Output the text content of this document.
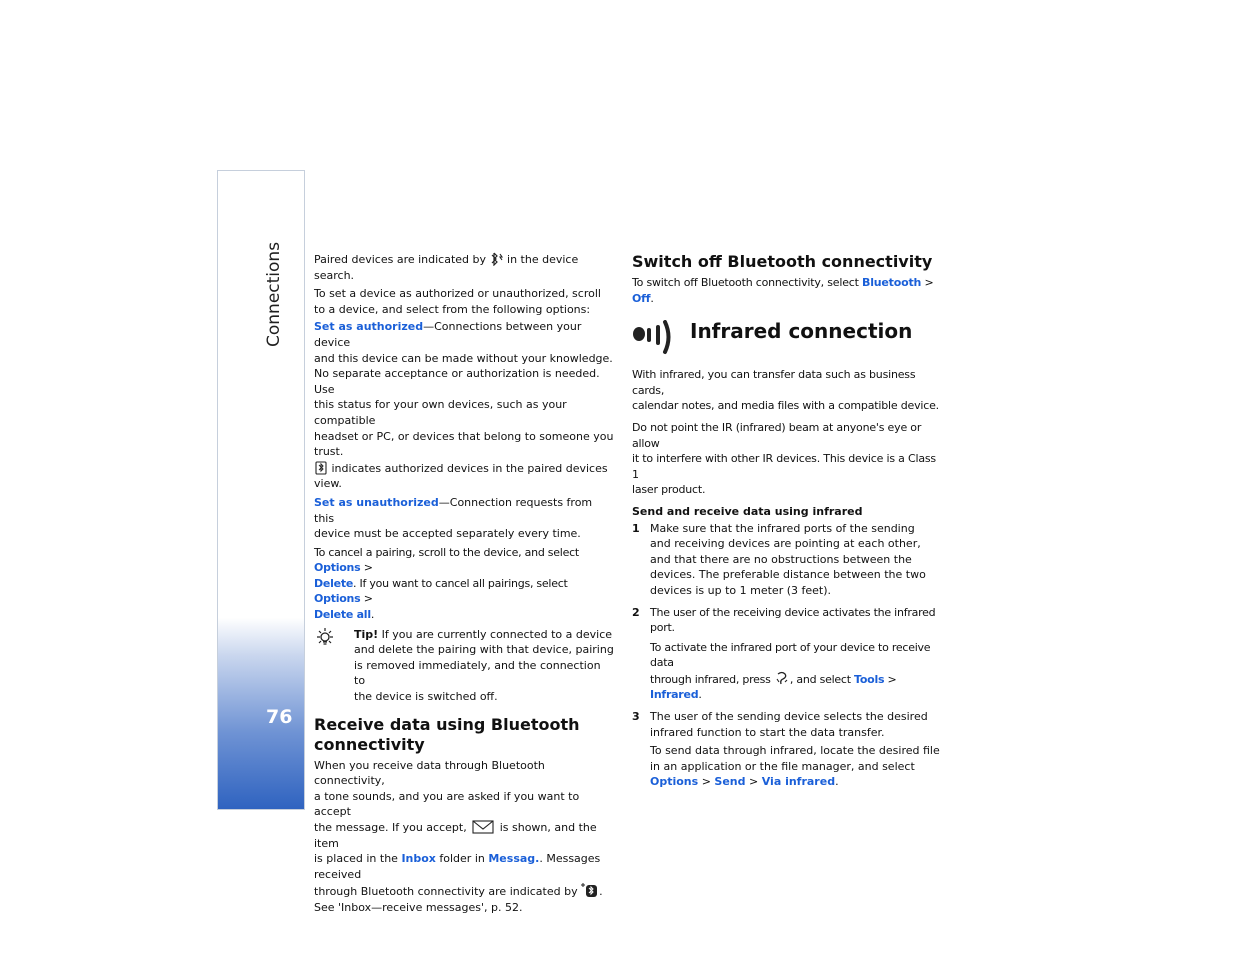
Connections
76

Paired devices are indicated by in the device search.

To set a device as authorized or unauthorized, scroll
to a device, and select from the following options:

Set as authorized—Connections between your device
and this device can be made without your knowledge.
No separate acceptance or authorization is needed. Use
this status for your own devices, such as your compatible
headset or PC, or devices that belong to someone you trust.
indicates authorized devices in the paired devices view.

Set as unauthorized—Connection requests from this
device must be accepted separately every time.

To cancel a pairing, scroll to the device, and select Options >
Delete. If you want to cancel all pairings, select Options >
Delete all.

Tip! If you are currently connected to a device
and delete the pairing with that device, pairing
is removed immediately, and the connection to
the device is switched off.

Receive data using Bluetooth
connectivity

When you receive data through Bluetooth connectivity,
a tone sounds, and you are asked if you want to accept
the message. If you accept,	is shown, and the item
is placed in the Inbox folder in Messag.. Messages received
through Bluetooth connectivity are indicated by .
See 'Inbox—receive messages', p. 52.

Switch off Bluetooth connectivity

To switch off Bluetooth connectivity, select Bluetooth > Off.

Infrared connection

With infrared, you can transfer data such as business cards,
calendar notes, and media files with a compatible device.

Do not point the IR (infrared) beam at anyone's eye or allow
it to interfere with other IR devices. This device is a Class 1
laser product.

Send and receive data using infrared

1 Make sure that the infrared ports of the sending
and receiving devices are pointing at each other,
and that there are no obstructions between the
devices. The preferable distance between the two
devices is up to 1 meter (3 feet).

2 The user of the receiving device activates the infrared port.

To activate the infrared port of your device to receive data
through infrared, press , and select Tools > Infrared.

3 The user of the sending device selects the desired
infrared function to start the data transfer.

To send data through infrared, locate the desired file
in an application or the file manager, and select
Options > Send > Via infrared.
